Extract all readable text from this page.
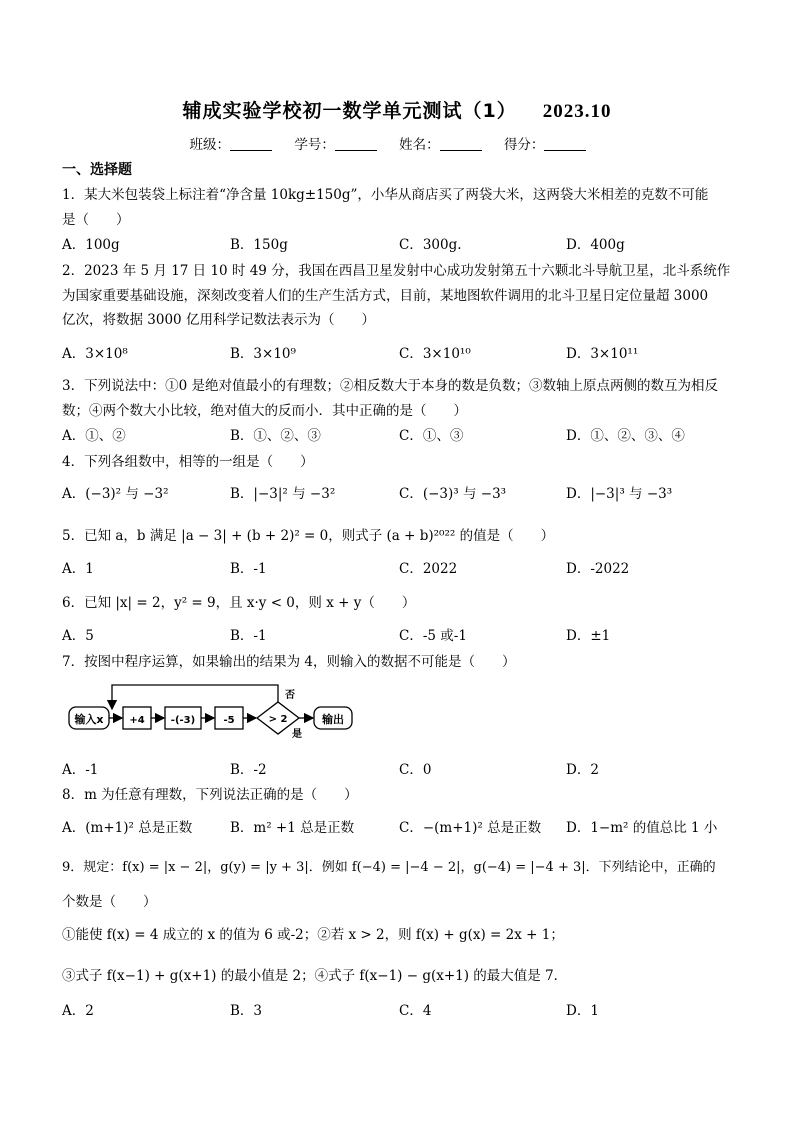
辅成实验学校初一数学单元测试（1） 2023.10
班级：	学号：	姓名：	得分：
一、选择题
1．某大米包装袋上标注着“净含量 10kg±150g”，小华从商店买了两袋大米，这两袋大米相差的克数不可能
是（　　）
A．100g	B．150g	C．300g.	D．400g
2．2023 年 5 月 17 日 10 时 49 分，我国在西昌卫星发射中心成功发射第五十六颗北斗导航卫星，北斗系统作
为国家重要基础设施，深刻改变着人们的生产生活方式，目前，某地图软件调用的北斗卫星日定位量超 3000
亿次，将数据 3000 亿用科学记数法表示为（　　）
A．3×10⁸	B．3×10⁹	C．3×10¹⁰	D．3×10¹¹
3．下列说法中：①0 是绝对值最小的有理数；②相反数大于本身的数是负数；③数轴上原点两侧的数互为相反
数；④两个数大小比较，绝对值大的反而小．其中正确的是（　　）
A．①、②	B．①、②、③	C．①、③	D．①、②、③、④
4．下列各组数中，相等的一组是（　　）
A．(−3)² 与 −3²	B．|−3|² 与 −3²	C．(−3)³ 与 −3³	D．|−3|³ 与 −3³
5．已知 a，b 满足 |a − 3| + (b + 2)² = 0，则式子 (a + b)²⁰²² 的值是（　　）
A．1	B．-1	C．2022	D．-2022
6．已知 |x| = 2，y² = 9，且 x·y < 0，则 x + y（　　）
A．5	B．-1	C．-5 或-1	D．±1
7．按图中程序运算，如果输出的结果为 4，则输入的数据不可能是（　　）
输入x	+4	-(-3)	-5	> 2
否
是
输出
A．-1	B．-2	C．0	D．2
8．m 为任意有理数，下列说法正确的是（　　）
A．(m+1)² 总是正数	B．m² +1 总是正数	C．−(m+1)² 总是正数 D．1−m² 的值总比 1 小
9．规定：f(x) = |x − 2|，g(y) = |y + 3|．例如 f(−4) = |−4 − 2|，g(−4) = |−4 + 3|．下列结论中，正确的
个数是（　　）
①能使 f(x) = 4 成立的 x 的值为 6 或-2；②若 x > 2，则 f(x) + g(x) = 2x + 1；
③式子 f(x−1) + g(x+1) 的最小值是 2；④式子 f(x−1) − g(x+1) 的最大值是 7．
A．2	B．3	C．4	D．1
